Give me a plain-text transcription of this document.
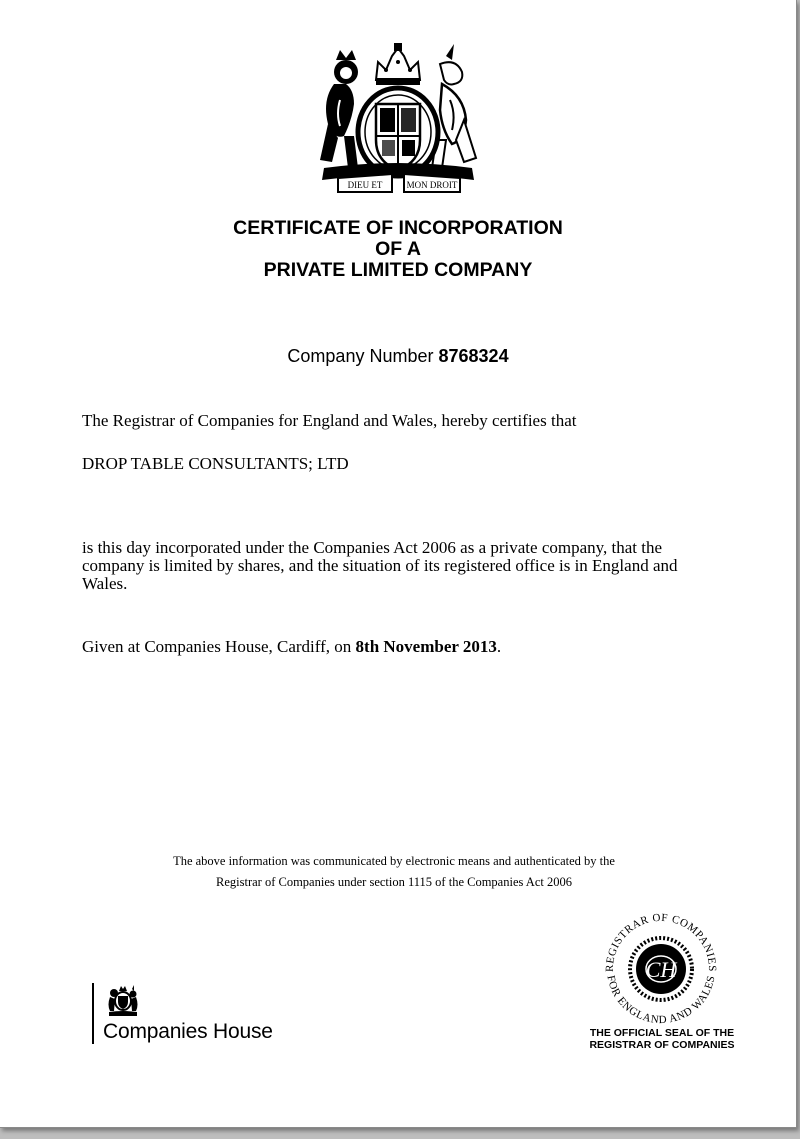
DIEU ET	MON DROIT
CERTIFICATE OF INCORPORATION
OF A
PRIVATE LIMITED COMPANY
Company Number 8768324
The Registrar of Companies for England and Wales, hereby certifies that
DROP TABLE CONSULTANTS; LTD
is this day incorporated under the Companies Act 2006 as a private company, that the company is limited by shares, and the situation of its registered office is in England and Wales.
Given at Companies House, Cardiff, on 8th November 2013.
The above information was communicated by electronic means and authenticated by the
Registrar of Companies under section 1115 of the Companies Act 2006
Companies House
REGISTRAR OF COMPANIES
FOR ENGLAND AND WALES
CH
THE OFFICIAL SEAL OF THE
REGISTRAR OF COMPANIES
